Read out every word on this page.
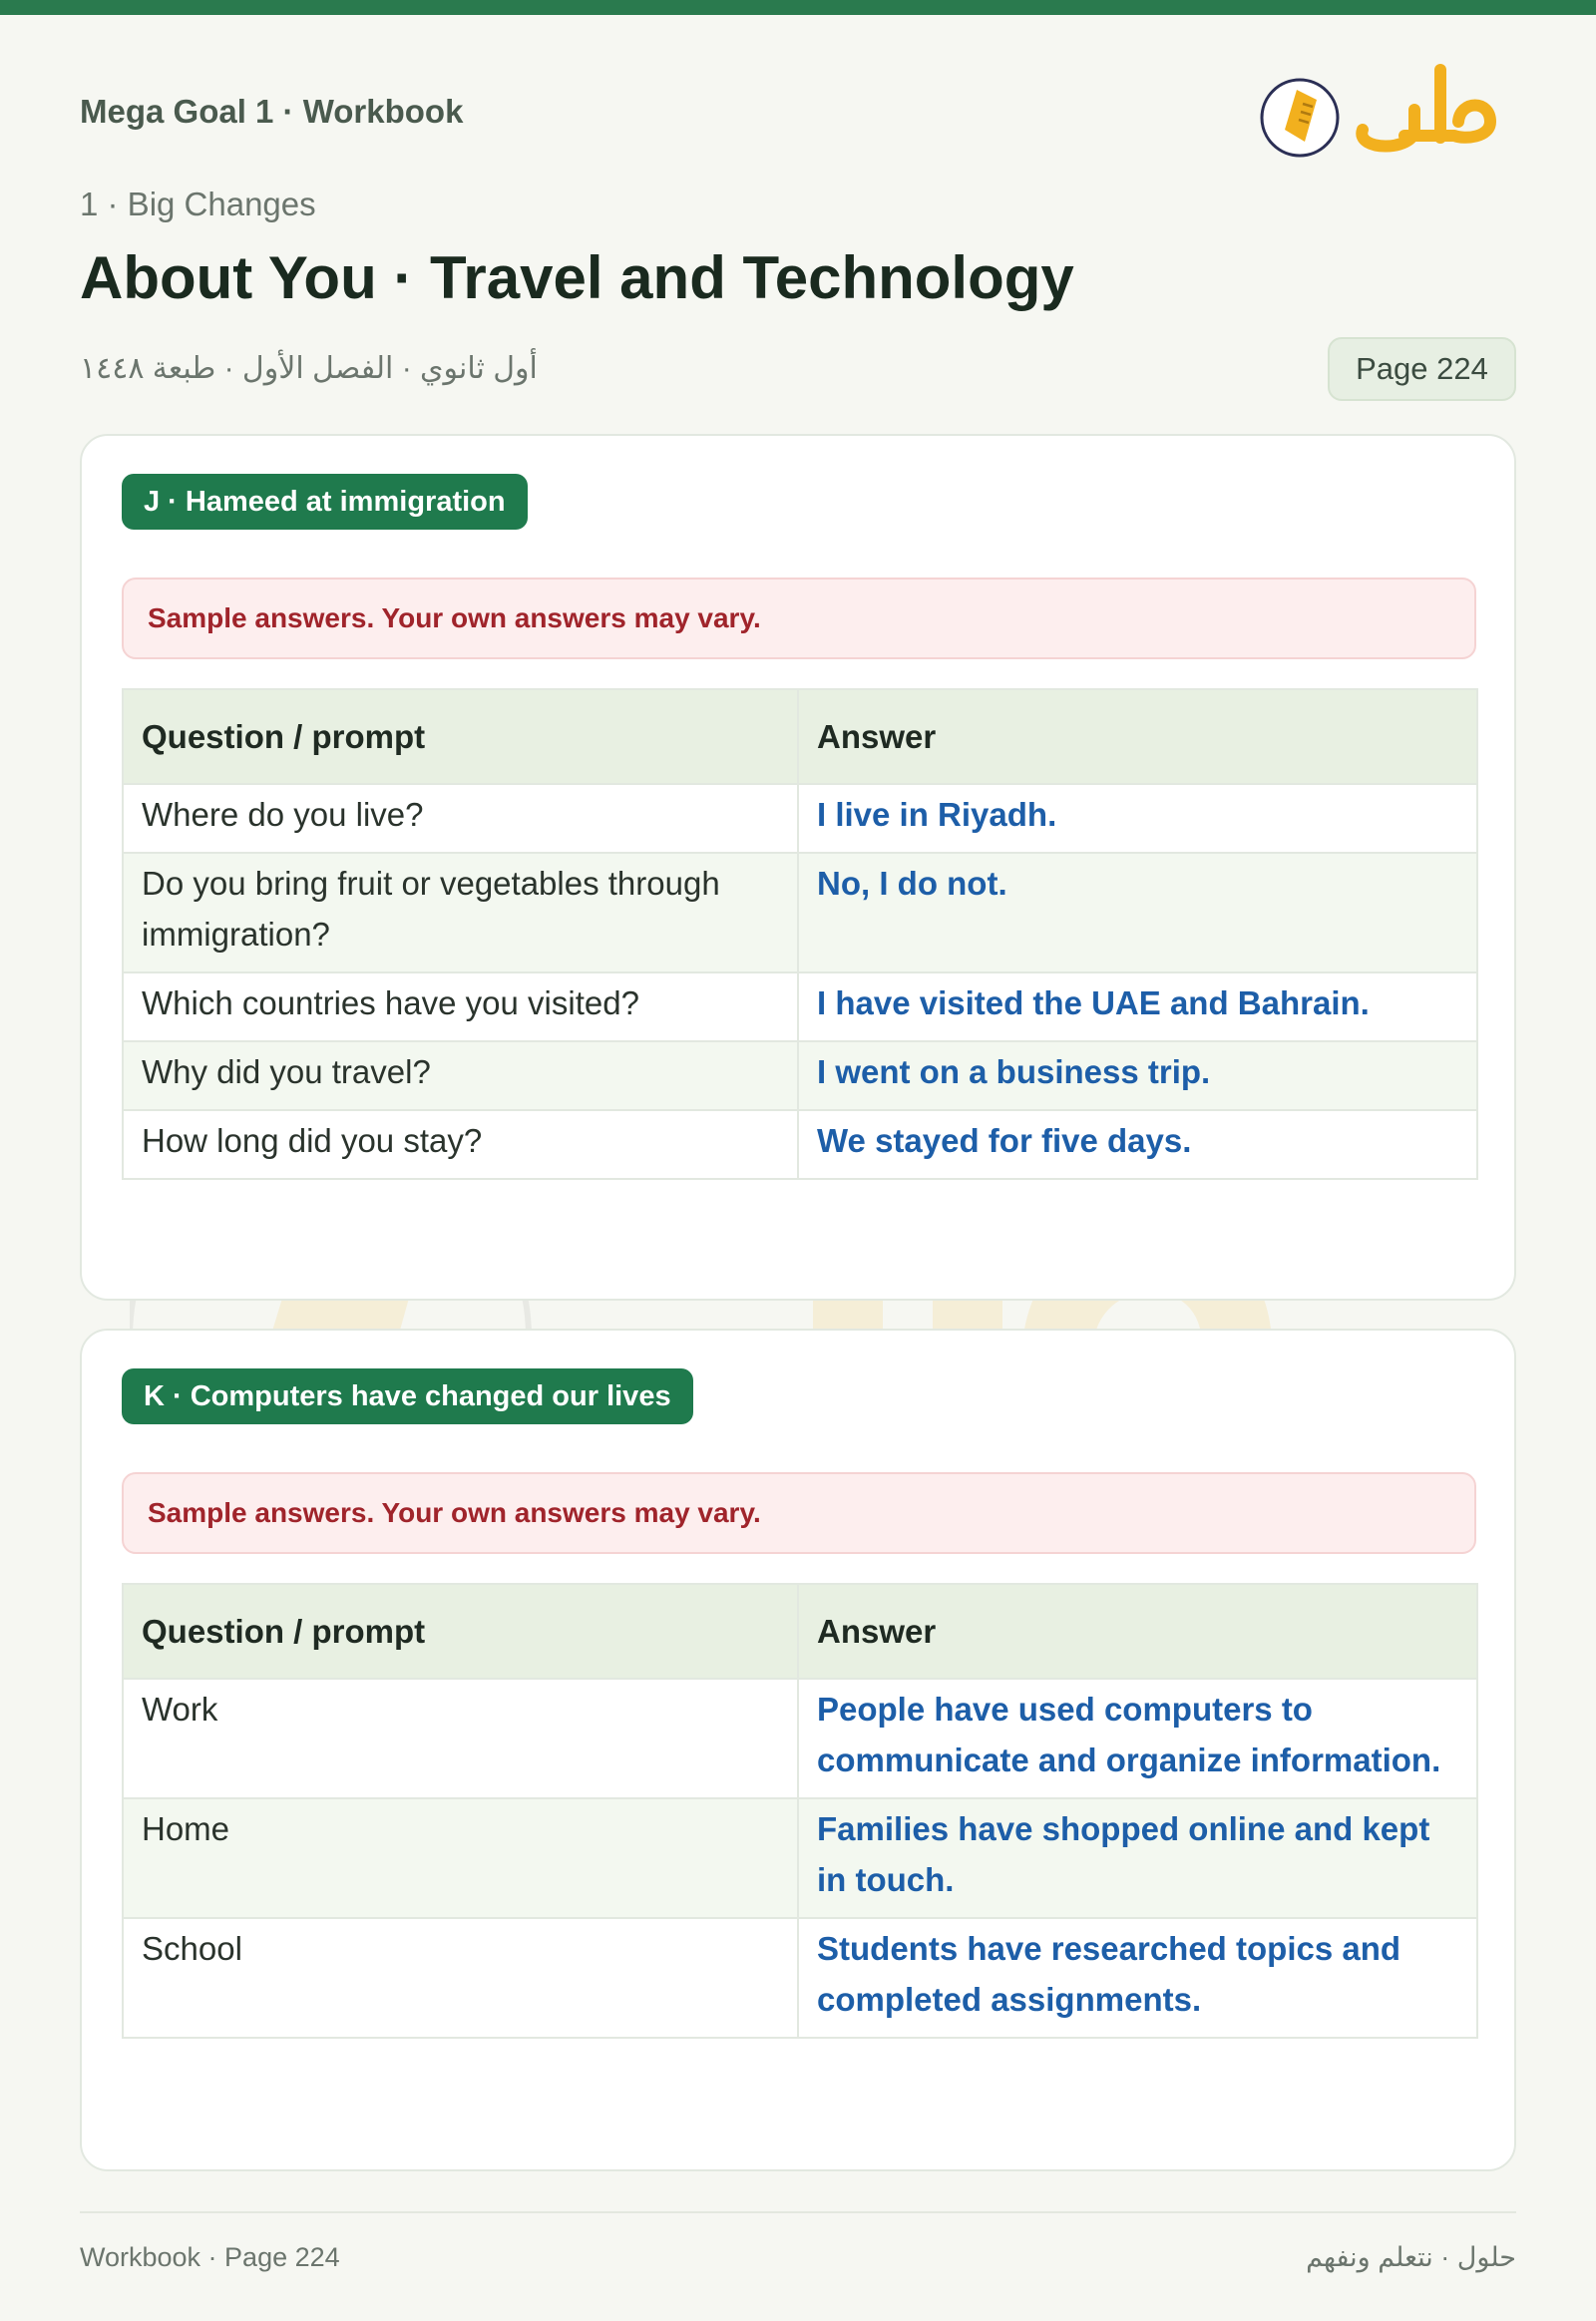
Mega Goal 1 · Workbook
1 · Big Changes
About You · Travel and Technology
أول ثانوي · الفصل الأول · طبعة ١٤٤٨	Page 224
J · Hameed at immigration
Sample answers. Your own answers may vary.
Question / prompt	Answer
Where do you live?	I live in Riyadh.
Do you bring fruit or vegetables through immigration?	No, I do not.
Which countries have you visited?	I have visited the UAE and Bahrain.
Why did you travel?	I went on a business trip.
How long did you stay?	We stayed for five days.
K · Computers have changed our lives
Sample answers. Your own answers may vary.
Question / prompt	Answer
Work	People have used computers to communicate and organize information.
Home	Families have shopped online and kept in touch.
School	Students have researched topics and completed assignments.
Workbook · Page 224	حلول · نتعلم ونفهم
